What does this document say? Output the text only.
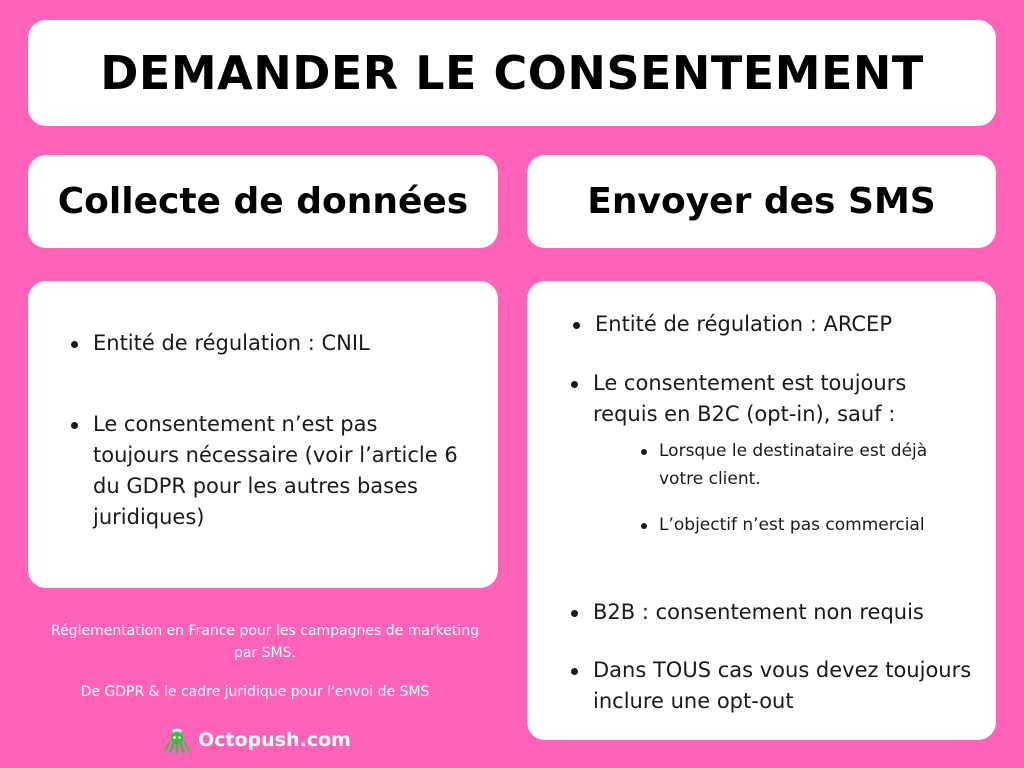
DEMANDER LE CONSENTEMENT
Collecte de données	Envoyer des SMS
Entité de régulation : CNIL
Le consentement n’est pas toujours nécessaire (voir l’article 6 du GDPR pour les autres bases juridiques)
Entité de régulation : ARCEP
Le consentement est toujours requis en B2C (opt-in), sauf :
Lorsque le destinataire est déjà votre client.
L’objectif n’est pas commercial
B2B : consentement non requis
Dans TOUS cas vous devez toujours inclure une opt-out
Réglementation en France pour les campagnes de marketing par SMS.
De GDPR & le cadre juridique pour l'envoi de SMS
Octopush.com
